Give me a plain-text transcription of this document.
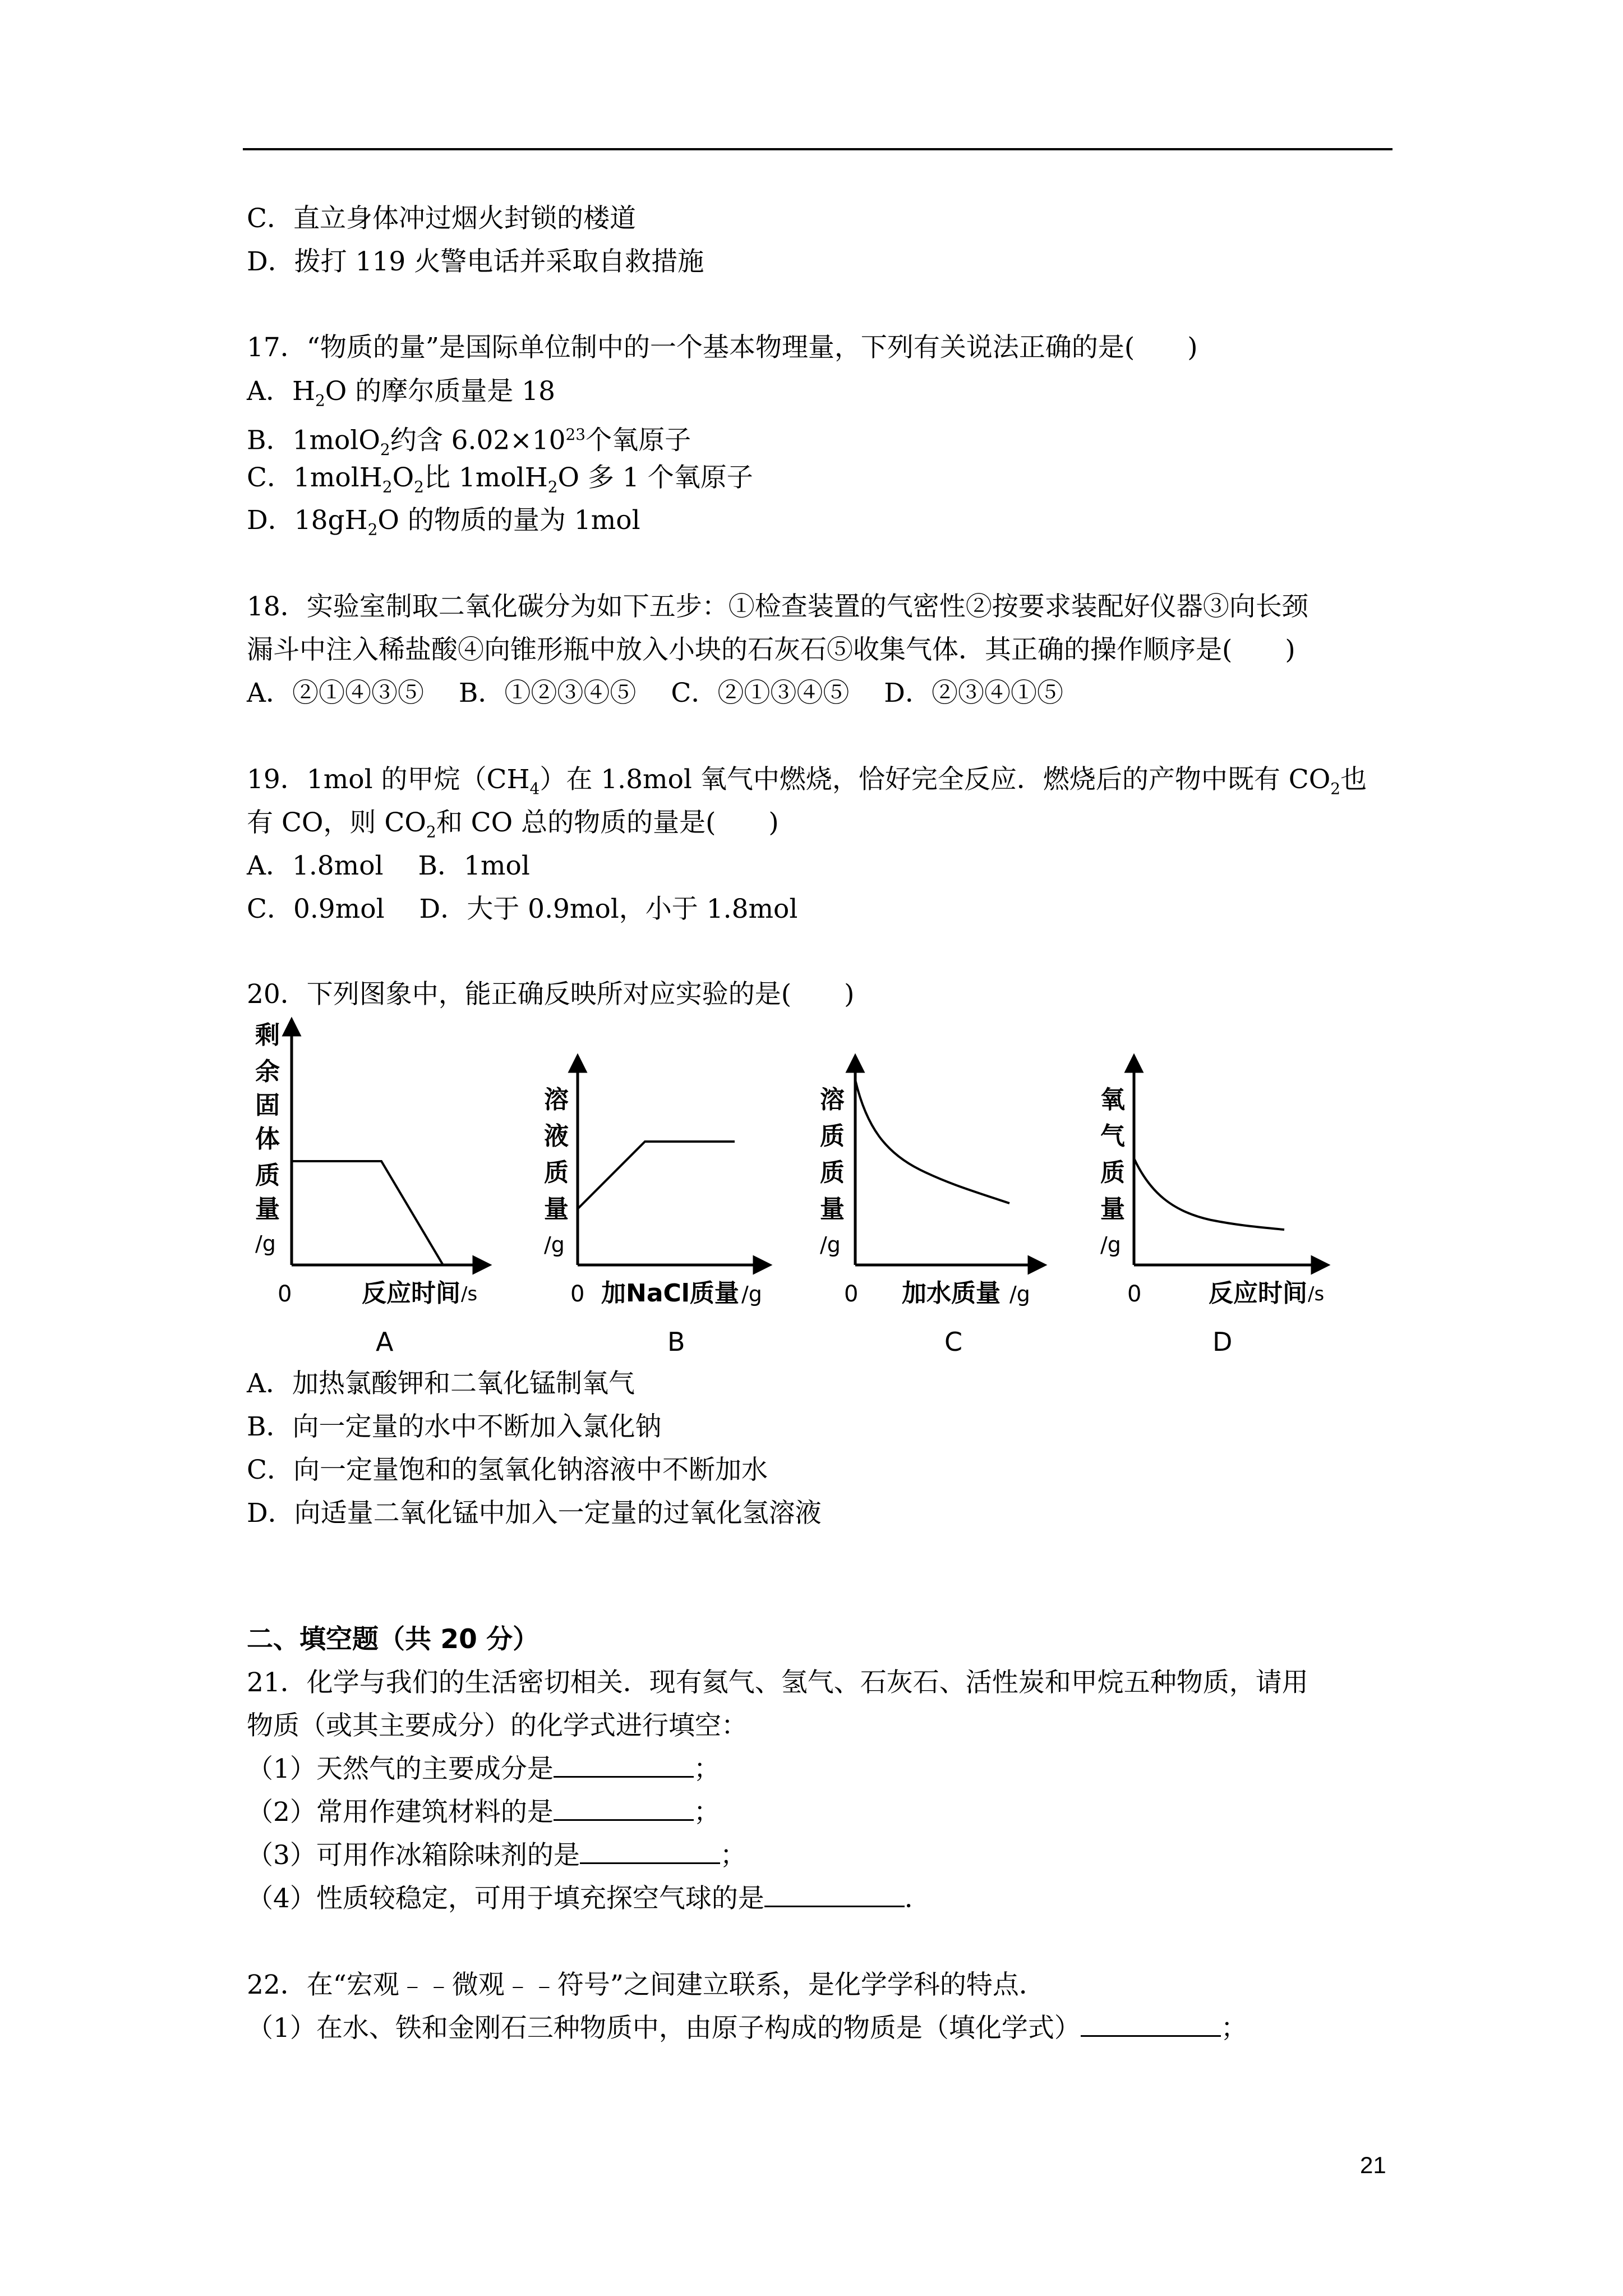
C．直立身体冲过烟火封锁的楼道
D．拨打 119 火警电话并采取自救措施
17．“物质的量”是国际单位制中的一个基本物理量，下列有关说法正确的是(　　)
A．$H_2O$ 的摩尔质量是 18
B．1molO$_2$约含 $6.02\times 10^{23}$个氧原子
C．$1molH_2O_2$比 1molH$_2$O 多 1 个氧原子
D．$18gH_2O$ 的物质的量为 1mol
18．实验室制取二氧化碳分为如下五步：①检查装置的气密性②按要求装配好仪器③向长颈
漏斗中注入稀盐酸④向锥形瓶中放入小块的石灰石⑤收集气体．其正确的操作顺序是(　　)
A．②①④③⑤　 B．①②③④⑤　 C．②①③④⑤　 D．②③④①⑤
19．1mol 的甲烷$(CH_4)$在 1.8mol 氧气中燃烧，恰好完全反应．燃烧后的产物中既有 $CO_2$也
有 CO，则 $CO_2$和 CO 总的物质的量是(　　)
A．1.8mol　 B．1mol
C．0.9mol　 D．大于 0.9mol，小于 1.8mol
20．下列图象中，能正确反映所对应实验的是(　　)
剩
余
固
体
质
量
/g
0	反应时间 /s
A
溶
液
质
量
/g
0 加NaCl质量 /g
B
溶
质
质
量
/g
0 加水质量 /g
C
氧
气
质
量
/g
0	反应时间 /s
D
A．加热氯酸钾和二氧化锰制氧气
B．向一定量的水中不断加入氯化钠
C．向一定量饱和的氢氧化钠溶液中不断加水
D．向适量二氧化锰中加入一定量的过氧化氢溶液
二、填空题（共 20 分）
21．化学与我们的生活密切相关．现有氦气、氢气、石灰石、活性炭和甲烷五种物质，请用
物质（或其主要成分）的化学式进行填空：
（1）天然气的主要成分是	；
（2）常用作建筑材料的是	；
（3）可用作冰箱除味剂的是	；
（4）性质较稳定，可用于填充探空气球的是	．
22．在“宏观﹣﹣微观﹣﹣符号”之间建立联系，是化学学科的特点．
（1）在水、铁和金刚石三种物质中，由原子构成的物质是（填化学式）	；
21
